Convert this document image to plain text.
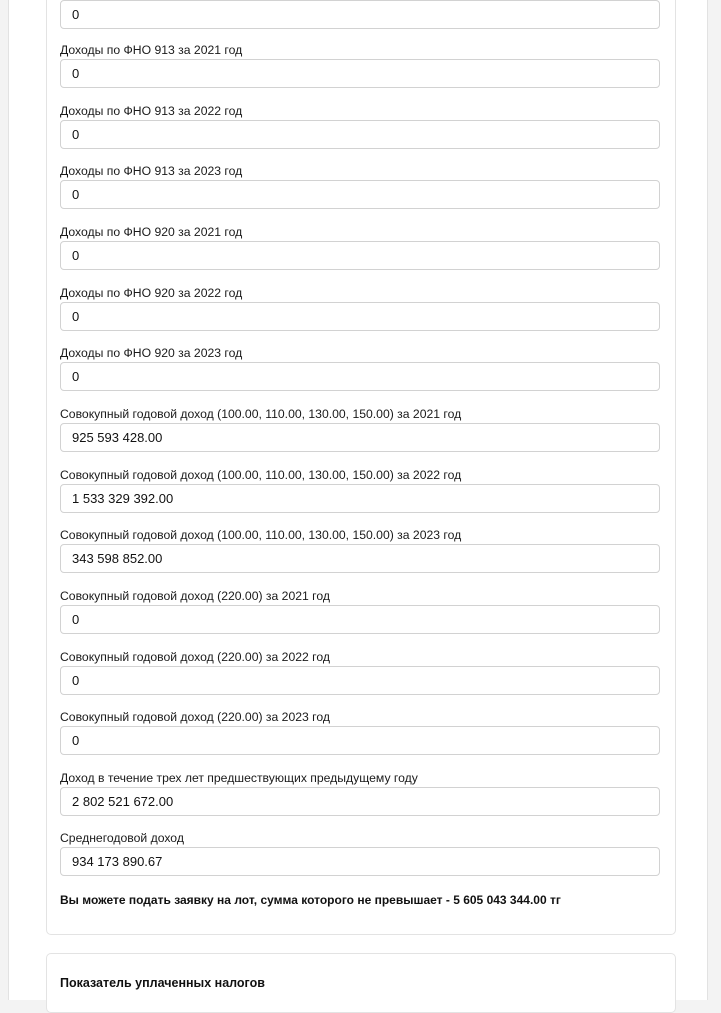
0
Доходы по ФНО 913 за 2021 год
0
Доходы по ФНО 913 за 2022 год
0
Доходы по ФНО 913 за 2023 год
0
Доходы по ФНО 920 за 2021 год
0
Доходы по ФНО 920 за 2022 год
0
Доходы по ФНО 920 за 2023 год
0
Совокупный годовой доход (100.00, 110.00, 130.00, 150.00) за 2021 год
925 593 428.00
Совокупный годовой доход (100.00, 110.00, 130.00, 150.00) за 2022 год
1 533 329 392.00
Совокупный годовой доход (100.00, 110.00, 130.00, 150.00) за 2023 год
343 598 852.00
Совокупный годовой доход (220.00) за 2021 год
0
Совокупный годовой доход (220.00) за 2022 год
0
Совокупный годовой доход (220.00) за 2023 год
0
Доход в течение трех лет предшествующих предыдущему году
2 802 521 672.00
Среднегодовой доход
934 173 890.67
Вы можете подать заявку на лот, сумма которого не превышает - 5 605 043 344.00 тг
Показатель уплаченных налогов
